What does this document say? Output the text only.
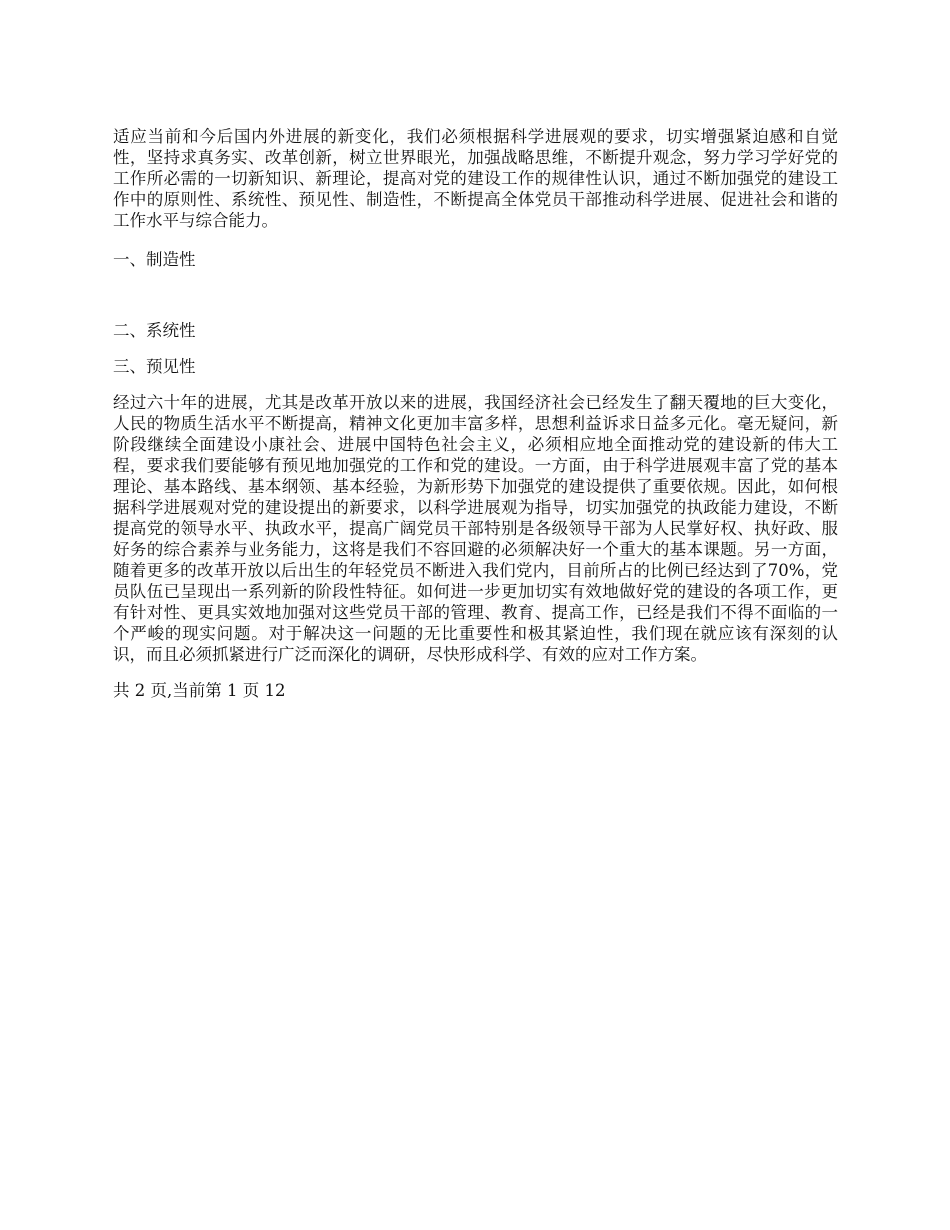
适应当前和今后国内外进展的新变化，我们必须根据科学进展观的要求，切实增强紧迫感和自觉性，坚持求真务实、改革创新，树立世界眼光，加强战略思维，不断提升观念，努力学习学好党的工作所必需的一切新知识、新理论，提高对党的建设工作的规律性认识，通过不断加强党的建设工作中的原则性、系统性、预见性、制造性，不断提高全体党员干部推动科学进展、促进社会和谐的工作水平与综合能力。

一、制造性

二、系统性

三、预见性

经过六十年的进展，尤其是改革开放以来的进展，我国经济社会已经发生了翻天覆地的巨大变化，人民的物质生活水平不断提高，精神文化更加丰富多样，思想利益诉求日益多元化。毫无疑问，新阶段继续全面建设小康社会、进展中国特色社会主义，必须相应地全面推动党的建设新的伟大工程，要求我们要能够有预见地加强党的工作和党的建设。一方面，由于科学进展观丰富了党的基本理论、基本路线、基本纲领、基本经验，为新形势下加强党的建设提供了重要依规。因此，如何根据科学进展观对党的建设提出的新要求，以科学进展观为指导，切实加强党的执政能力建设，不断提高党的领导水平、执政水平，提高广阔党员干部特别是各级领导干部为人民掌好权、执好政、服好务的综合素养与业务能力，这将是我们不容回避的必须解决好一个重大的基本课题。另一方面，随着更多的改革开放以后出生的年轻党员不断进入我们党内，目前所占的比例已经达到了70%，党员队伍已呈现出一系列新的阶段性特征。如何进一步更加切实有效地做好党的建设的各项工作，更有针对性、更具实效地加强对这些党员干部的管理、教育、提高工作，已经是我们不得不面临的一个严峻的现实问题。对于解决这一问题的无比重要性和极其紧迫性，我们现在就应该有深刻的认识，而且必须抓紧进行广泛而深化的调研，尽快形成科学、有效的应对工作方案。

共 2 页,当前第 1 页 12
